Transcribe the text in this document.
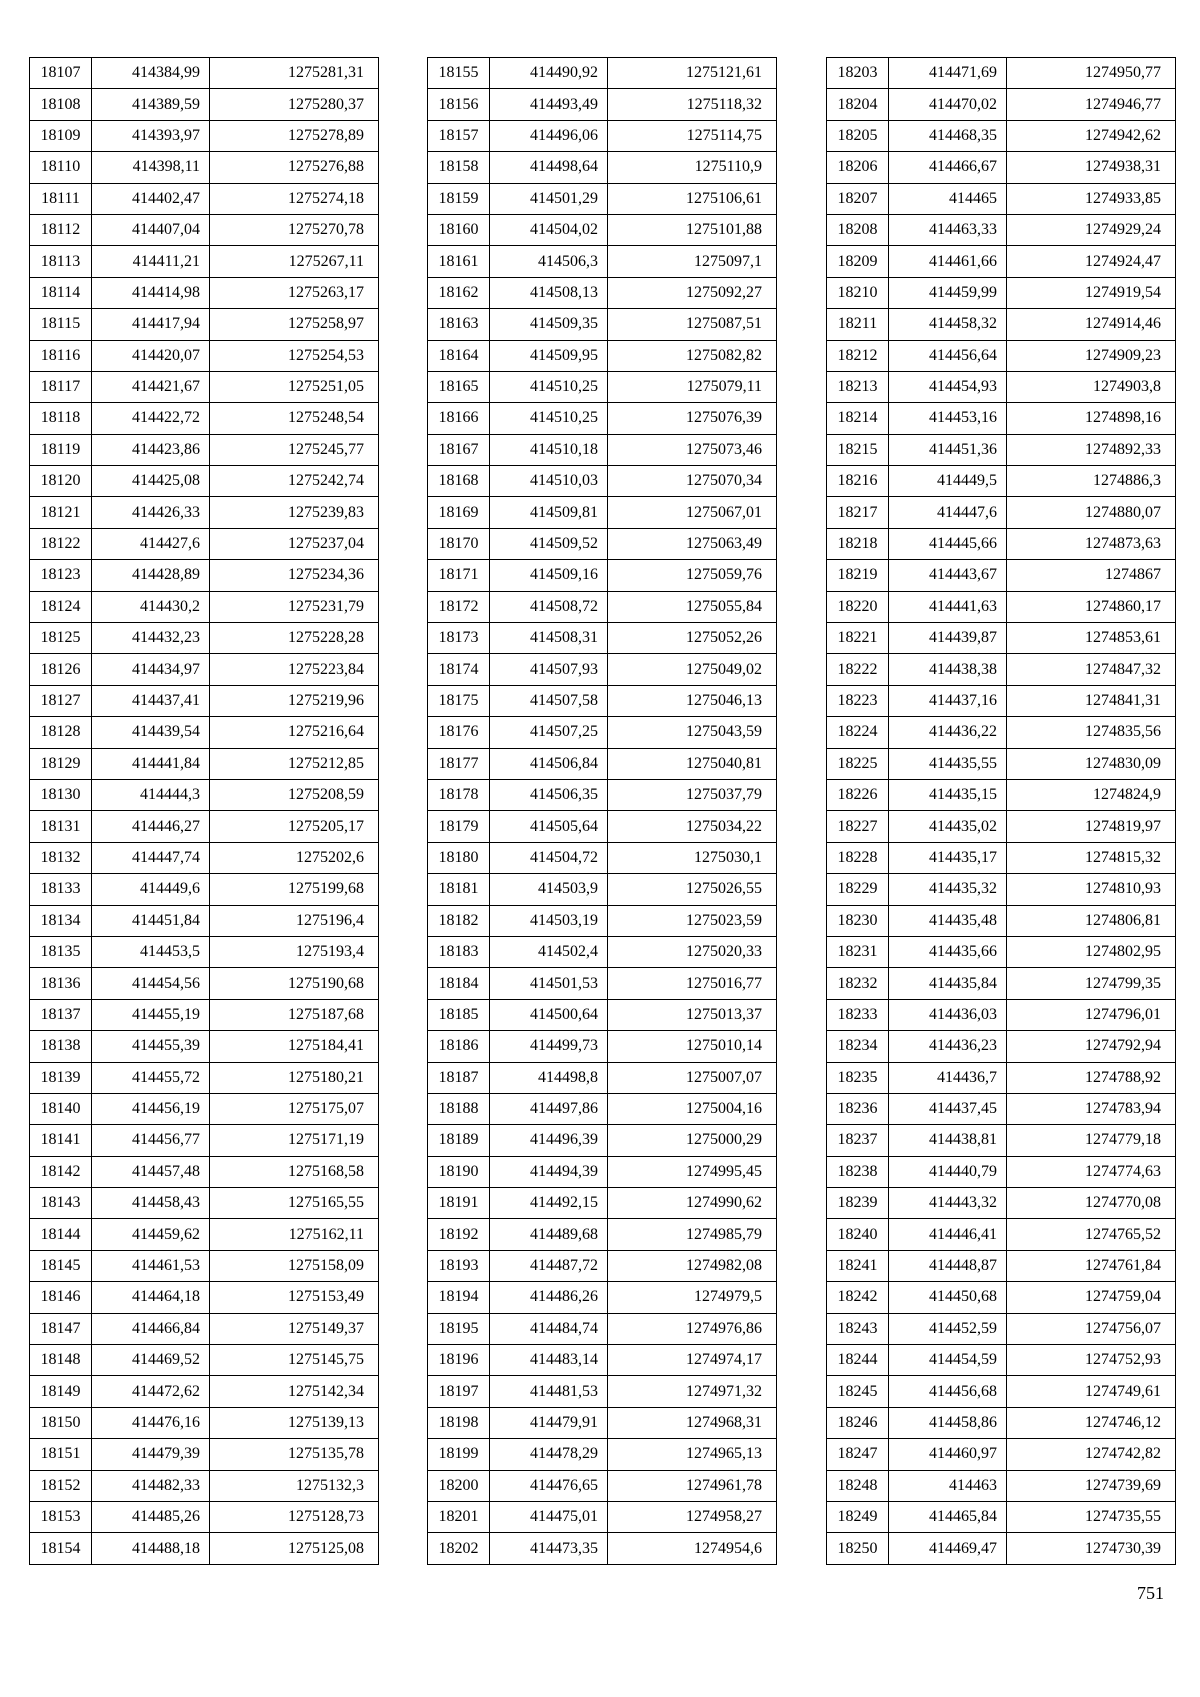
18107	414384,99	1275281,31
18108	414389,59	1275280,37
18109	414393,97	1275278,89
18110	414398,11	1275276,88
18111	414402,47	1275274,18
18112	414407,04	1275270,78
18113	414411,21	1275267,11
18114	414414,98	1275263,17
18115	414417,94	1275258,97
18116	414420,07	1275254,53
18117	414421,67	1275251,05
18118	414422,72	1275248,54
18119	414423,86	1275245,77
18120	414425,08	1275242,74
18121	414426,33	1275239,83
18122	414427,6	1275237,04
18123	414428,89	1275234,36
18124	414430,2	1275231,79
18125	414432,23	1275228,28
18126	414434,97	1275223,84
18127	414437,41	1275219,96
18128	414439,54	1275216,64
18129	414441,84	1275212,85
18130	414444,3	1275208,59
18131	414446,27	1275205,17
18132	414447,74	1275202,6
18133	414449,6	1275199,68
18134	414451,84	1275196,4
18135	414453,5	1275193,4
18136	414454,56	1275190,68
18137	414455,19	1275187,68
18138	414455,39	1275184,41
18139	414455,72	1275180,21
18140	414456,19	1275175,07
18141	414456,77	1275171,19
18142	414457,48	1275168,58
18143	414458,43	1275165,55
18144	414459,62	1275162,11
18145	414461,53	1275158,09
18146	414464,18	1275153,49
18147	414466,84	1275149,37
18148	414469,52	1275145,75
18149	414472,62	1275142,34
18150	414476,16	1275139,13
18151	414479,39	1275135,78
18152	414482,33	1275132,3
18153	414485,26	1275128,73
18154	414488,18	1275125,08
18155	414490,92	1275121,61
18156	414493,49	1275118,32
18157	414496,06	1275114,75
18158	414498,64	1275110,9
18159	414501,29	1275106,61
18160	414504,02	1275101,88
18161	414506,3	1275097,1
18162	414508,13	1275092,27
18163	414509,35	1275087,51
18164	414509,95	1275082,82
18165	414510,25	1275079,11
18166	414510,25	1275076,39
18167	414510,18	1275073,46
18168	414510,03	1275070,34
18169	414509,81	1275067,01
18170	414509,52	1275063,49
18171	414509,16	1275059,76
18172	414508,72	1275055,84
18173	414508,31	1275052,26
18174	414507,93	1275049,02
18175	414507,58	1275046,13
18176	414507,25	1275043,59
18177	414506,84	1275040,81
18178	414506,35	1275037,79
18179	414505,64	1275034,22
18180	414504,72	1275030,1
18181	414503,9	1275026,55
18182	414503,19	1275023,59
18183	414502,4	1275020,33
18184	414501,53	1275016,77
18185	414500,64	1275013,37
18186	414499,73	1275010,14
18187	414498,8	1275007,07
18188	414497,86	1275004,16
18189	414496,39	1275000,29
18190	414494,39	1274995,45
18191	414492,15	1274990,62
18192	414489,68	1274985,79
18193	414487,72	1274982,08
18194	414486,26	1274979,5
18195	414484,74	1274976,86
18196	414483,14	1274974,17
18197	414481,53	1274971,32
18198	414479,91	1274968,31
18199	414478,29	1274965,13
18200	414476,65	1274961,78
18201	414475,01	1274958,27
18202	414473,35	1274954,6
18203	414471,69	1274950,77
18204	414470,02	1274946,77
18205	414468,35	1274942,62
18206	414466,67	1274938,31
18207	414465	1274933,85
18208	414463,33	1274929,24
18209	414461,66	1274924,47
18210	414459,99	1274919,54
18211	414458,32	1274914,46
18212	414456,64	1274909,23
18213	414454,93	1274903,8
18214	414453,16	1274898,16
18215	414451,36	1274892,33
18216	414449,5	1274886,3
18217	414447,6	1274880,07
18218	414445,66	1274873,63
18219	414443,67	1274867
18220	414441,63	1274860,17
18221	414439,87	1274853,61
18222	414438,38	1274847,32
18223	414437,16	1274841,31
18224	414436,22	1274835,56
18225	414435,55	1274830,09
18226	414435,15	1274824,9
18227	414435,02	1274819,97
18228	414435,17	1274815,32
18229	414435,32	1274810,93
18230	414435,48	1274806,81
18231	414435,66	1274802,95
18232	414435,84	1274799,35
18233	414436,03	1274796,01
18234	414436,23	1274792,94
18235	414436,7	1274788,92
18236	414437,45	1274783,94
18237	414438,81	1274779,18
18238	414440,79	1274774,63
18239	414443,32	1274770,08
18240	414446,41	1274765,52
18241	414448,87	1274761,84
18242	414450,68	1274759,04
18243	414452,59	1274756,07
18244	414454,59	1274752,93
18245	414456,68	1274749,61
18246	414458,86	1274746,12
18247	414460,97	1274742,82
18248	414463	1274739,69
18249	414465,84	1274735,55
18250	414469,47	1274730,39
751
